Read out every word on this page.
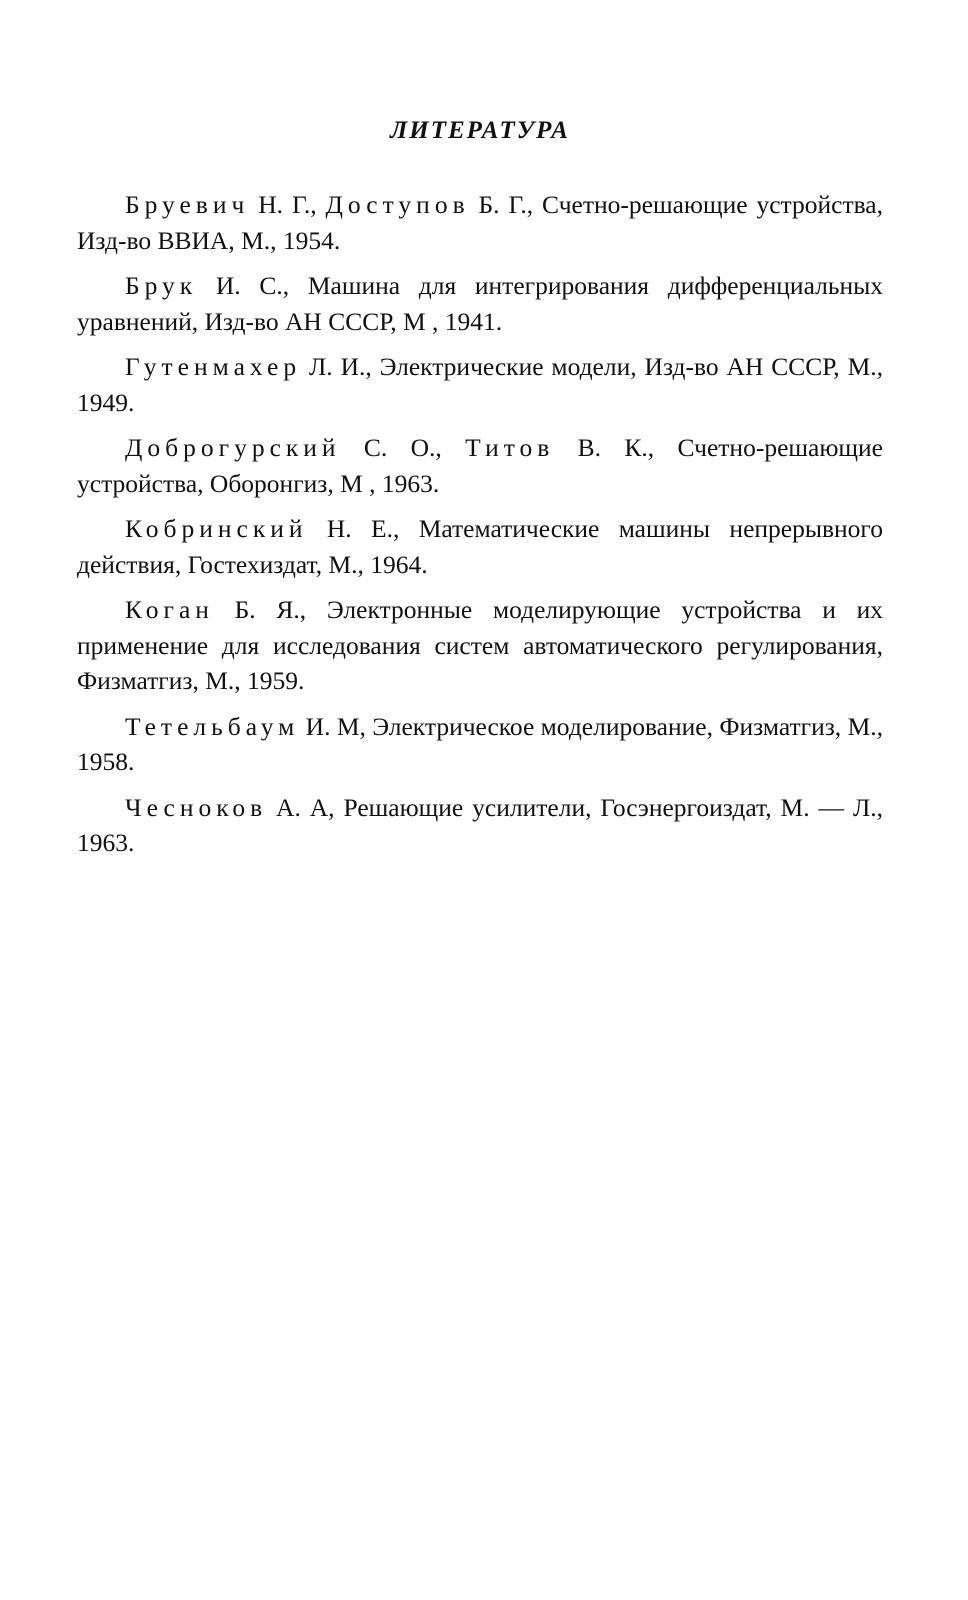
ЛИТЕРАТУРА

Бруевич Н. Г., Доступов Б. Г., Счетно-решающие устройства, Изд-во ВВИА, М., 1954.

Брук И. С., Машина для интегрирования дифференциальных уравнений, Изд-во АН СССР, М , 1941.

Гутенмахер Л. И., Электрические модели, Изд-во АН СССР, М., 1949.

Доброгурский С. О., Титов В. К., Счетно-решающие устройства, Оборонгиз, М , 1963.

Кобринский Н. Е., Математические машины непрерывного действия, Гостехиздат, М., 1964.

Коган Б. Я., Электронные моделирующие устройства и их применение для исследования систем автоматического регулирования, Физматгиз, М., 1959.

Тетельбаум И. М, Электрическое моделирование, Физматгиз, М., 1958.

Чесноков А. А, Решающие усилители, Госэнергоиздат, М. — Л., 1963.
